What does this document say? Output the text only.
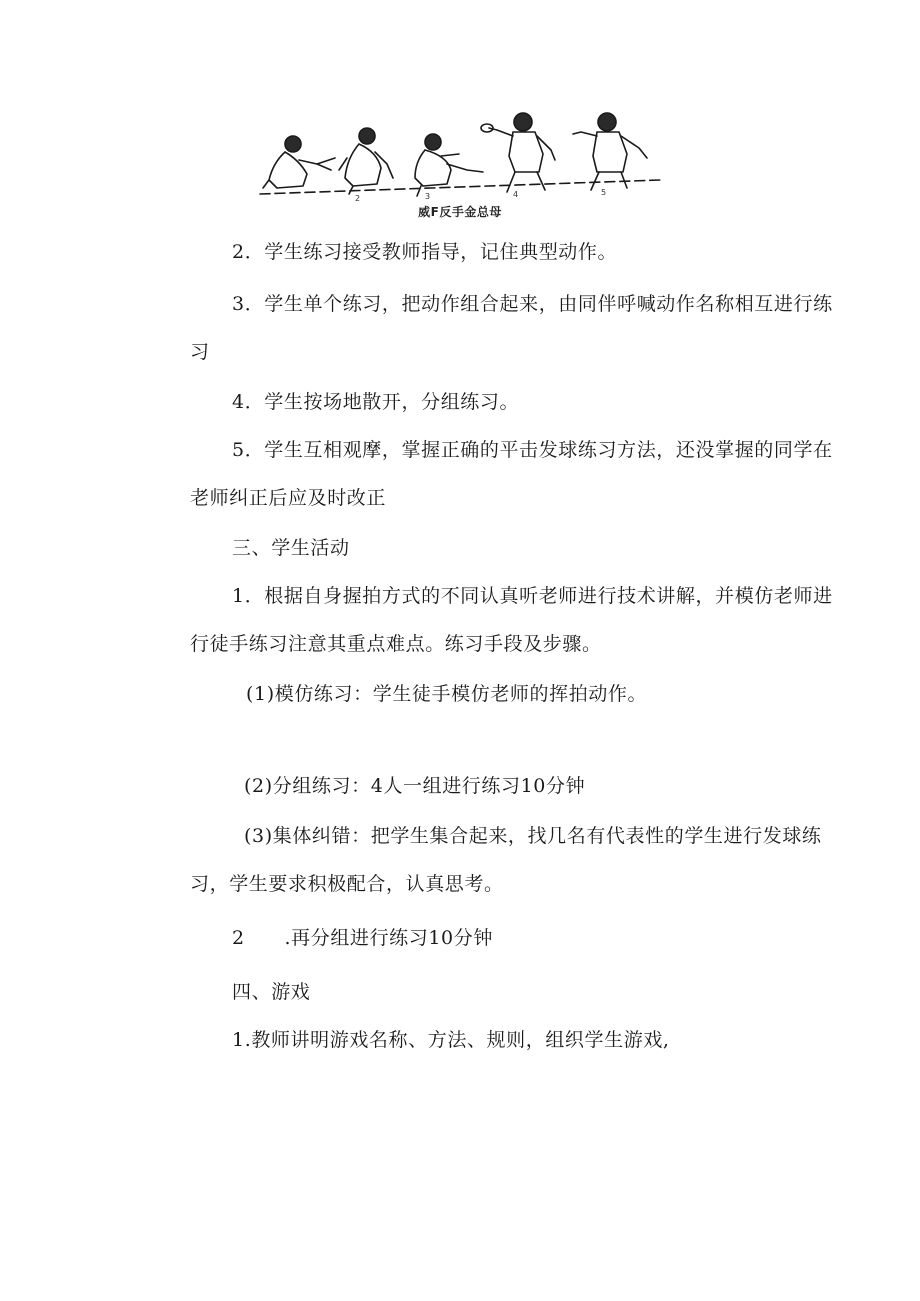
2	3	4	5
威F反手金总母
2．学生练习接受教师指导，记住典型动作。
3．学生单个练习，把动作组合起来，由同伴呼喊动作名称相互进行练
习
4．学生按场地散开，分组练习。
5．学生互相观摩，掌握正确的平击发球练习方法，还没掌握的同学在
老师纠正后应及时改正
三、学生活动
1．根据自身握拍方式的不同认真听老师进行技术讲解，并模仿老师进
行徒手练习注意其重点难点。练习手段及步骤。
(1)模仿练习：学生徒手模仿老师的挥拍动作。
(2)分组练习：4人一组进行练习10分钟
(3)集体纠错：把学生集合起来，找几名有代表性的学生进行发球练
习，学生要求积极配合，认真思考。
2      .再分组进行练习10分钟
四、游戏
1.教师讲明游戏名称、方法、规则，组织学生游戏,
